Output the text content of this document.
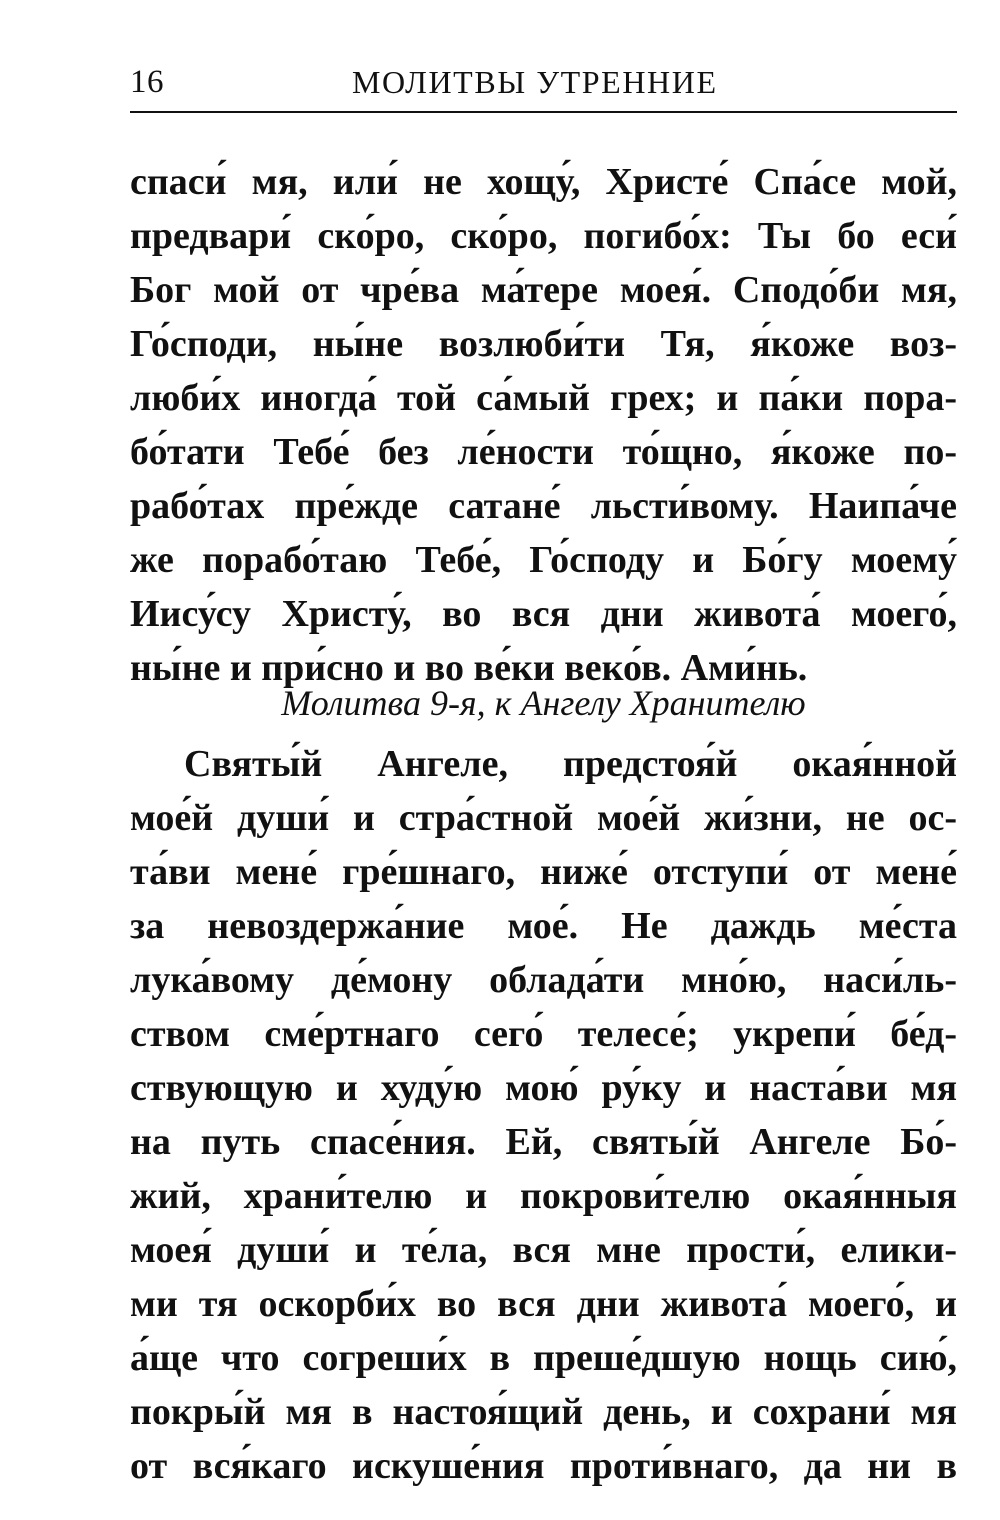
16	МОЛИТВЫ УТРЕННИЕ
спаси́ мя, или́ не хощу́, Христе́ Спа́се мой,
предвари́ ско́ро, ско́ро, погибо́х: Ты бо еси́
Бог мой от чре́ва ма́тере моея́. Сподо́би мя,
Го́споди, ны́не возлюби́ти Тя, я́коже воз-
люби́х иногда́ той са́мый грех; и па́ки пора-
бо́тати Тебе́ без ле́ности то́щно, я́коже по-
рабо́тах пре́жде сатане́ льсти́вому. Наипа́че
же порабо́таю Тебе́, Го́споду и Бо́гу моему́
Иису́су Христу́, во вся дни живота́ моего́,
ны́не и при́сно и во ве́ки веко́в. Ами́нь.
Молитва 9-я, к Ангелу Хранителю
Святы́й Ангеле, предстоя́й окая́нной
мое́й души́ и стра́стной мое́й жи́зни, не ос-
та́ви мене́ гре́шнаго, ниже́ отступи́ от мене́
за невоздержа́ние мое́. Не даждь ме́ста
лука́вому де́мону облада́ти мно́ю, наси́ль-
ством сме́ртнаго сего́ телесе́; укрепи́ бе́д-
ствующую и худу́ю мою́ ру́ку и наста́ви мя
на путь спасе́ния. Ей, святы́й Ангеле Бо́-
жий, храни́телю и покрови́телю окая́нныя
моея́ души́ и те́ла, вся мне прости́, елики-
ми тя оскорби́х во вся дни живота́ моего́, и
а́ще что согреши́х в преше́дшую нощь сию́,
покры́й мя в настоя́щий день, и сохрани́ мя
от вся́каго искуше́ния проти́внаго, да ни в
